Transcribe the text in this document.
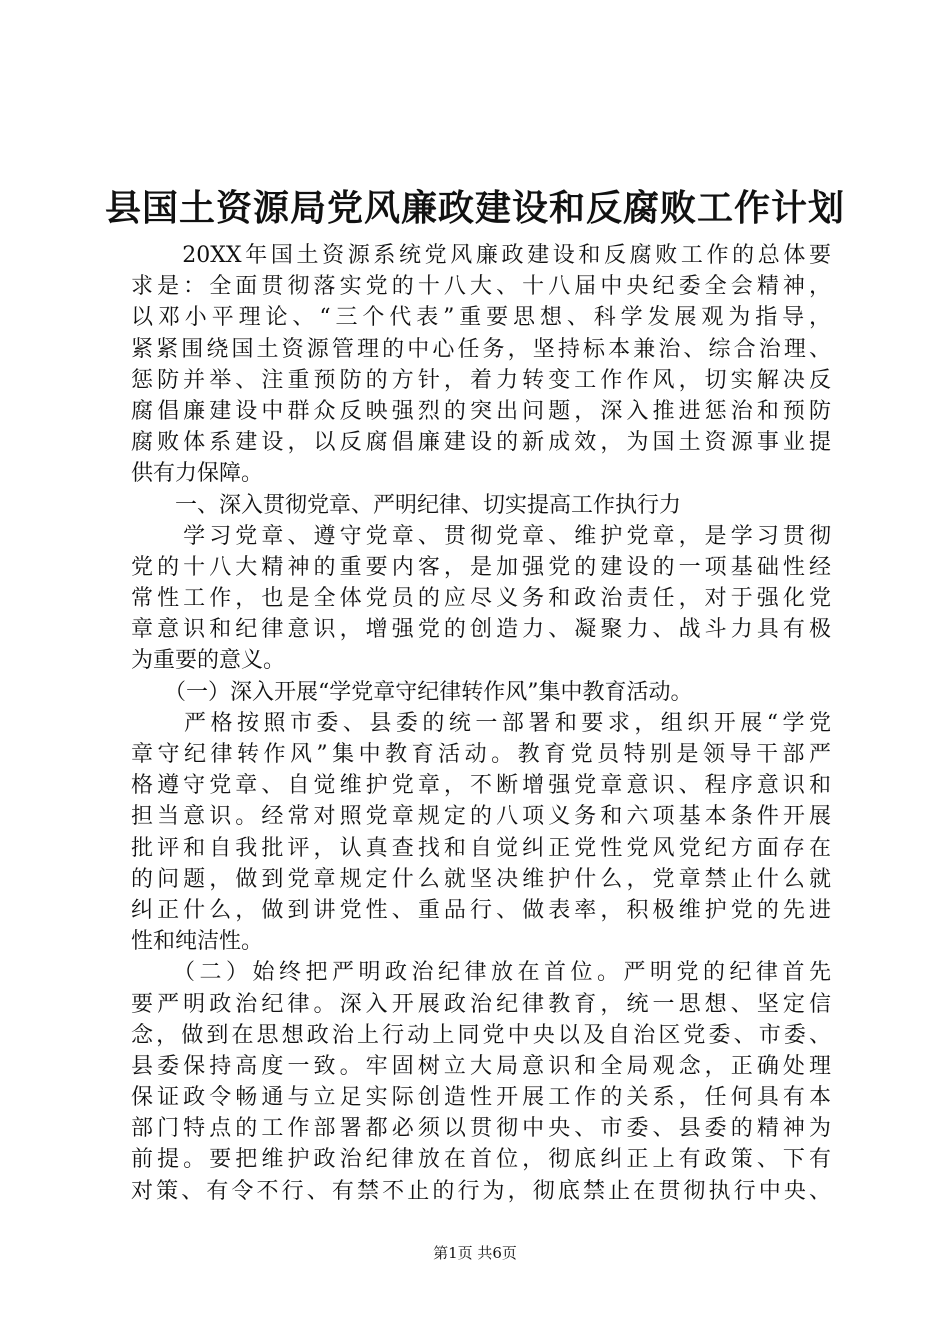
县国土资源局党风廉政建设和反腐败工作计划
　　20XX年国土资源系统党风廉政建设和反腐败工作的总体要
求是：全面贯彻落实党的十八大、十八届中央纪委全会精神，
以邓小平理论、“三个代表”重要思想、科学发展观为指导，
紧紧围绕国土资源管理的中心任务，坚持标本兼治、综合治理、
惩防并举、注重预防的方针，着力转变工作作风，切实解决反
腐倡廉建设中群众反映强烈的突出问题，深入推进惩治和预防
腐败体系建设，以反腐倡廉建设的新成效，为国土资源事业提
供有力保障。
　　一、深入贯彻党章、严明纪律、切实提高工作执行力
　　学习党章、遵守党章、贯彻党章、维护党章，是学习贯彻
党的十八大精神的重要内客，是加强党的建设的一项基础性经
常性工作，也是全体党员的应尽义务和政治责任，对于强化党
章意识和纪律意识，增强党的创造力、凝聚力、战斗力具有极
为重要的意义。
　　（一）深入开展“学党章守纪律转作风”集中教育活动。
　　严格按照市委、县委的统一部署和要求，组织开展“学党
章守纪律转作风”集中教育活动。教育党员特别是领导干部严
格遵守党章、自觉维护党章，不断增强党章意识、程序意识和
担当意识。经常对照党章规定的八项义务和六项基本条件开展
批评和自我批评，认真查找和自觉纠正党性党风党纪方面存在
的问题，做到党章规定什么就坚决维护什么，党章禁止什么就
纠正什么，做到讲党性、重品行、做表率，积极维护党的先进
性和纯洁性。
　　（二）始终把严明政治纪律放在首位。严明党的纪律首先
要严明政治纪律。深入开展政治纪律教育，统一思想、坚定信
念，做到在思想政治上行动上同党中央以及自治区党委、市委、
县委保持高度一致。牢固树立大局意识和全局观念，正确处理
保证政令畅通与立足实际创造性开展工作的关系，任何具有本
部门特点的工作部署都必须以贯彻中央、市委、县委的精神为
前提。要把维护政治纪律放在首位，彻底纠正上有政策、下有
对策、有令不行、有禁不止的行为，彻底禁止在贯彻执行中央、
第1页 共6页
